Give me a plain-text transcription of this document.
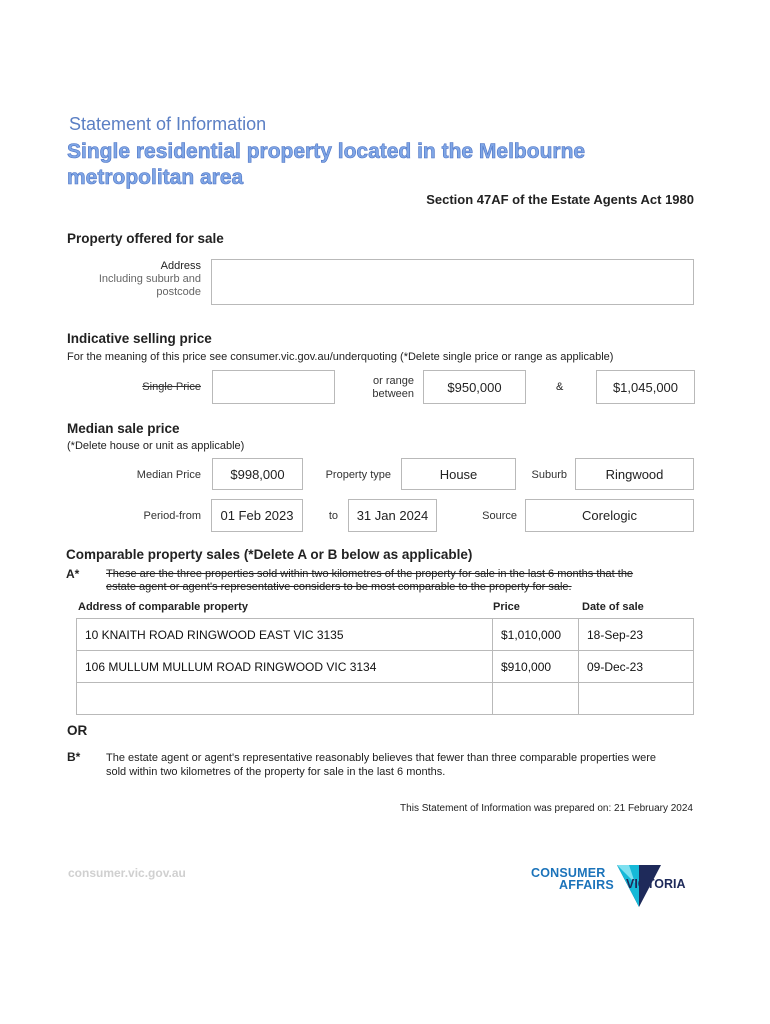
Statement of Information
Single residential property located in the Melbourne
metropolitan area
Section 47AF of the Estate Agents Act 1980
Property offered for sale
Address
Including suburb and
postcode
Indicative selling price
For the meaning of this price see consumer.vic.gov.au/underquoting (*Delete single price or range as applicable)
Single Price	or range
between	$950,000	&	$1,045,000
Median sale price
(*Delete house or unit as applicable)
Median Price	$998,000	Property type	House	Suburb	Ringwood
Period-from	01 Feb 2023	to	31 Jan 2024	Source	Corelogic
Comparable property sales (*Delete A or B below as applicable)
A* These are the three properties sold within two kilometres of the property for sale in the last 6 months that the
estate agent or agent's representative considers to be most comparable to the property for sale.
Address of comparable property	Price	Date of sale
10 KNAITH ROAD RINGWOOD EAST VIC 3135	$1,010,000	18-Sep-23
106 MULLUM MULLUM ROAD RINGWOOD VIC 3134	$910,000	09-Dec-23

OR
B* The estate agent or agent's representative reasonably believes that fewer than three comparable properties were
sold within two kilometres of the property for sale in the last 6 months.
This Statement of Information was prepared on: 21 February 2024
consumer.vic.gov.au	CONSUMER
AFFAIRS VICTORIA
